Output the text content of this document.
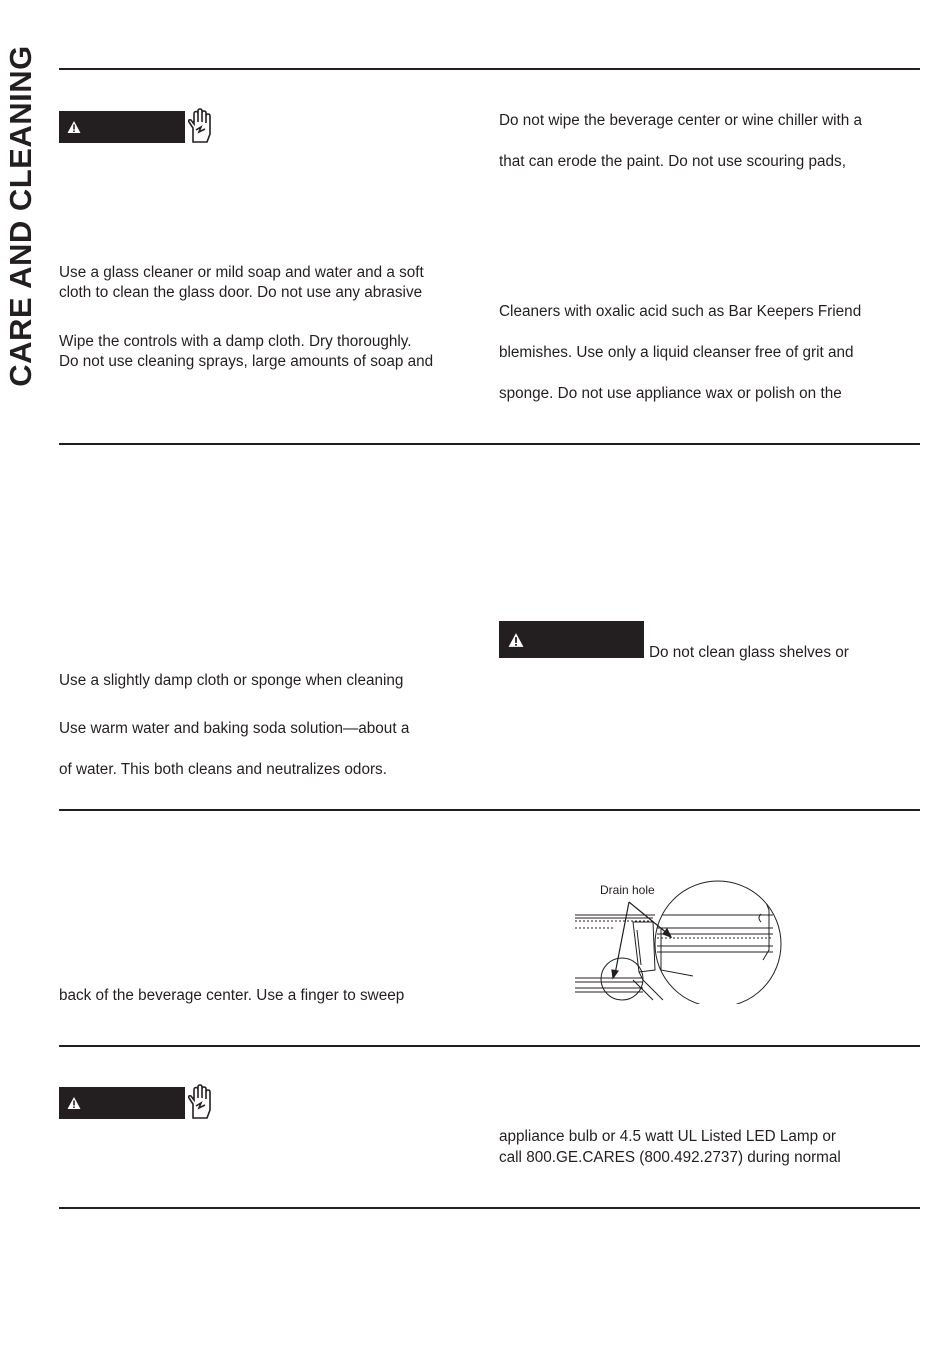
CARE AND CLEANING Use a glass cleaner or mild soap and water and a soft
cloth to clean the glass door. Do not use any abrasive
Wipe the controls with a damp cloth. Dry thoroughly.
Do not use cleaning sprays, large amounts of soap and
Do not wipe the beverage center or wine chiller with a
that can erode the paint. Do not use scouring pads,
Cleaners with oxalic acid such as Bar Keepers Friend
blemishes. Use only a liquid cleanser free of grit and
sponge. Do not use appliance wax or polish on the
Use a slightly damp cloth or sponge when cleaning
Use warm water and baking soda solution—about a
of water. This both cleans and neutralizes odors.
Do not clean glass shelves or
back of the beverage center. Use a finger to sweep
Drain hole
appliance bulb or 4.5 watt UL Listed LED Lamp or
call 800.GE.CARES (800.492.2737) during normal
